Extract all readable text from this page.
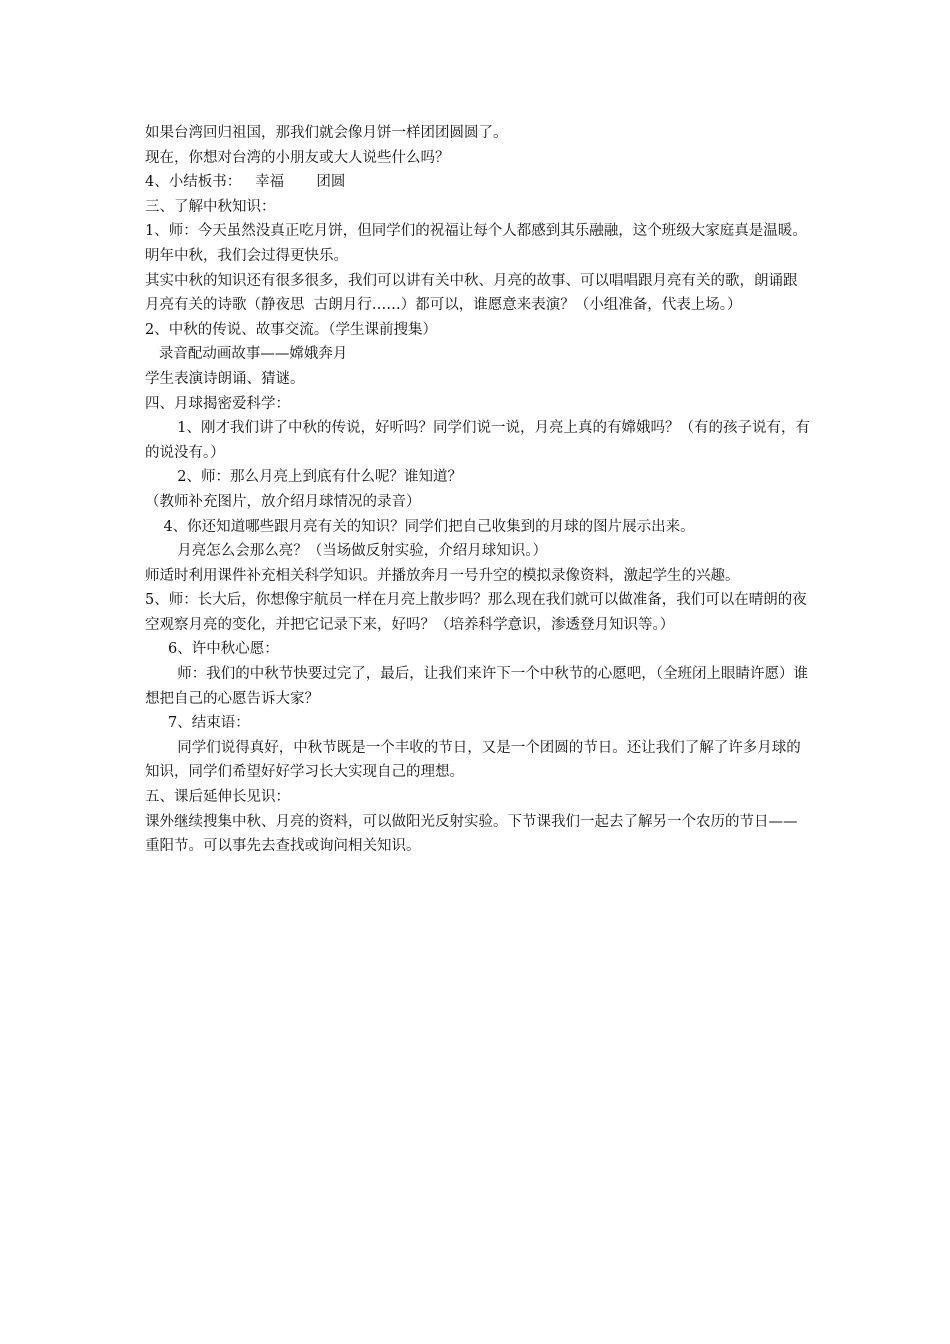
如果台湾回归祖国，那我们就会像月饼一样团团圆圆了。

现在，你想对台湾的小朋友或大人说些什么吗？

4、小结板书：   幸福       团圆

三、了解中秋知识：

1、师：今天虽然没真正吃月饼，但同学们的祝福让每个人都感到其乐融融，这个班级大家庭真是温暖。明年中秋，我们会过得更快乐。

其实中秋的知识还有很多很多，我们可以讲有关中秋、月亮的故事、可以唱唱跟月亮有关的歌，朗诵跟月亮有关的诗歌（静夜思  古朗月行……）都可以，谁愿意来表演？（小组准备，代表上场。）

2、中秋的传说、故事交流。（学生课前搜集）

录音配动画故事——嫦娥奔月

学生表演诗朗诵、猜谜。

四、月球揭密爱科学：

1、刚才我们讲了中秋的传说，好听吗？同学们说一说，月亮上真的有嫦娥吗？（有的孩子说有，有的说没有。）

2、师：那么月亮上到底有什么呢？谁知道？

（教师补充图片，放介绍月球情况的录音）

4、你还知道哪些跟月亮有关的知识？同学们把自己收集到的月球的图片展示出来。

月亮怎么会那么亮？（当场做反射实验，介绍月球知识。）

师适时利用课件补充相关科学知识。并播放奔月一号升空的模拟录像资料，激起学生的兴趣。

5、师：长大后，你想像宇航员一样在月亮上散步吗？那么现在我们就可以做准备，我们可以在晴朗的夜空观察月亮的变化，并把它记录下来，好吗？（培养科学意识，渗透登月知识等。）

6、许中秋心愿：

师：我们的中秋节快要过完了，最后，让我们来许下一个中秋节的心愿吧，（全班闭上眼睛许愿）谁想把自己的心愿告诉大家？

7、结束语：

同学们说得真好，中秋节既是一个丰收的节日，又是一个团圆的节日。还让我们了解了许多月球的知识，同学们希望好好学习长大实现自己的理想。

五、课后延伸长见识：

课外继续搜集中秋、月亮的资料，可以做阳光反射实验。下节课我们一起去了解另一个农历的节日——重阳节。可以事先去查找或询问相关知识。
